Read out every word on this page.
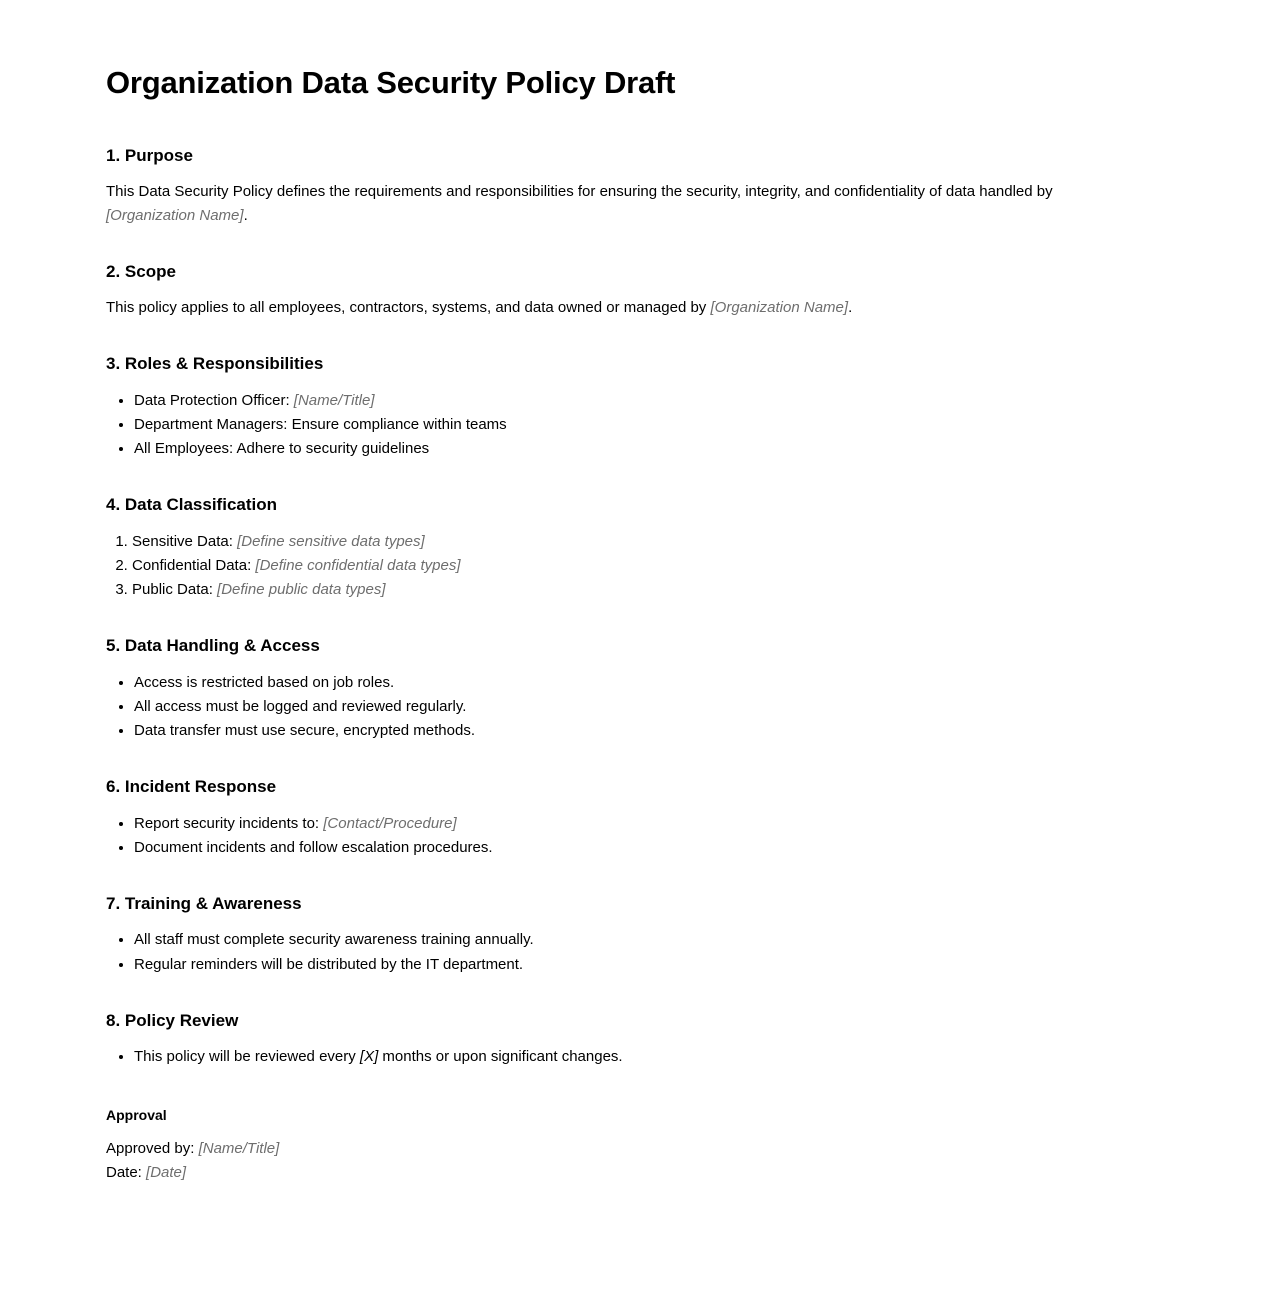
Organization Data Security Policy Draft
1. Purpose

This Data Security Policy defines the requirements and responsibilities for ensuring the security, integrity, and confidentiality of data handled by [Organization Name].

2. Scope

This policy applies to all employees, contractors, systems, and data owned or managed by [Organization Name].

3. Roles & Responsibilities
• Data Protection Officer: [Name/Title]
• Department Managers: Ensure compliance within teams
• All Employees: Adhere to security guidelines
4. Data Classification
1. Sensitive Data: [Define sensitive data types]
2. Confidential Data: [Define confidential data types]
3. Public Data: [Define public data types]
5. Data Handling & Access
• Access is restricted based on job roles.
• All access must be logged and reviewed regularly.
• Data transfer must use secure, encrypted methods.
6. Incident Response
• Report security incidents to: [Contact/Procedure]
• Document incidents and follow escalation procedures.
7. Training & Awareness
• All staff must complete security awareness training annually.
• Regular reminders will be distributed by the IT department.
8. Policy Review
• This policy will be reviewed every [X] months or upon significant changes.
Approval

Approved by: [Name/Title]

Date: [Date]
